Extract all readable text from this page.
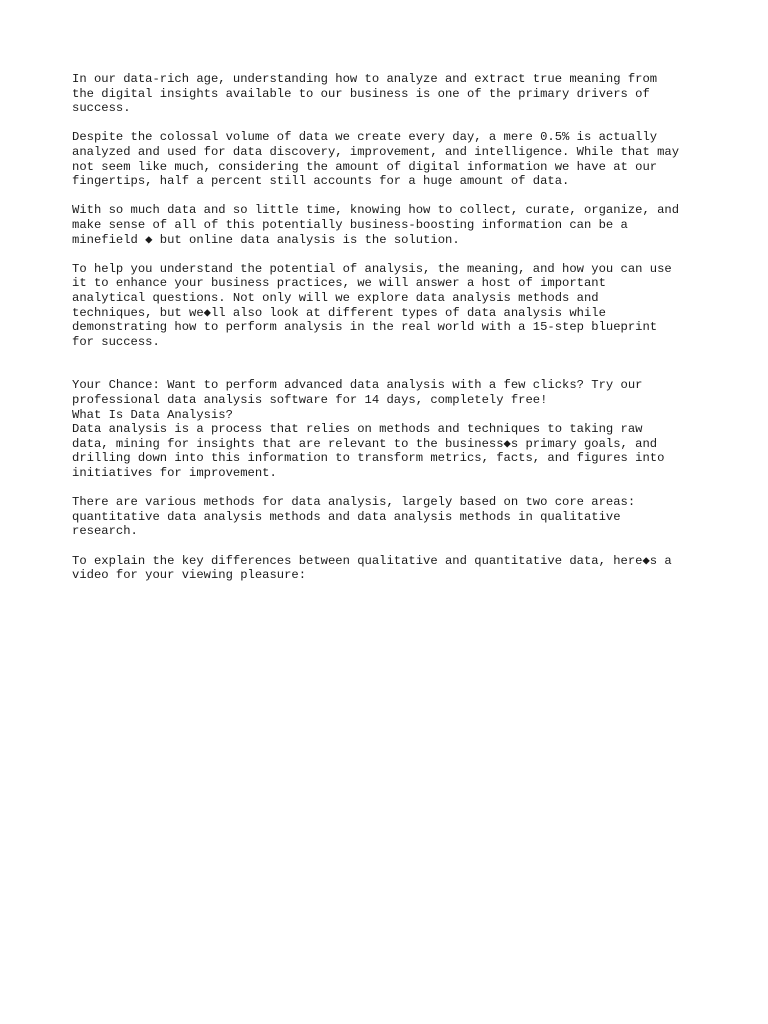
In our data-rich age, understanding how to analyze and extract true meaning from
the digital insights available to our business is one of the primary drivers of
success.
Despite the colossal volume of data we create every day, a mere 0.5% is actually
analyzed and used for data discovery, improvement, and intelligence. While that may
not seem like much, considering the amount of digital information we have at our
fingertips, half a percent still accounts for a huge amount of data.
With so much data and so little time, knowing how to collect, curate, organize, and
make sense of all of this potentially business-boosting information can be a
minefield ◆ but online data analysis is the solution.
To help you understand the potential of analysis, the meaning, and how you can use
it to enhance your business practices, we will answer a host of important
analytical questions. Not only will we explore data analysis methods and
techniques, but we◆ll also look at different types of data analysis while
demonstrating how to perform analysis in the real world with a 15-step blueprint
for success.
Your Chance: Want to perform advanced data analysis with a few clicks? Try our
professional data analysis software for 14 days, completely free!
What Is Data Analysis?
Data analysis is a process that relies on methods and techniques to taking raw
data, mining for insights that are relevant to the business◆s primary goals, and
drilling down into this information to transform metrics, facts, and figures into
initiatives for improvement.
There are various methods for data analysis, largely based on two core areas:
quantitative data analysis methods and data analysis methods in qualitative
research.
To explain the key differences between qualitative and quantitative data, here◆s a
video for your viewing pleasure:
